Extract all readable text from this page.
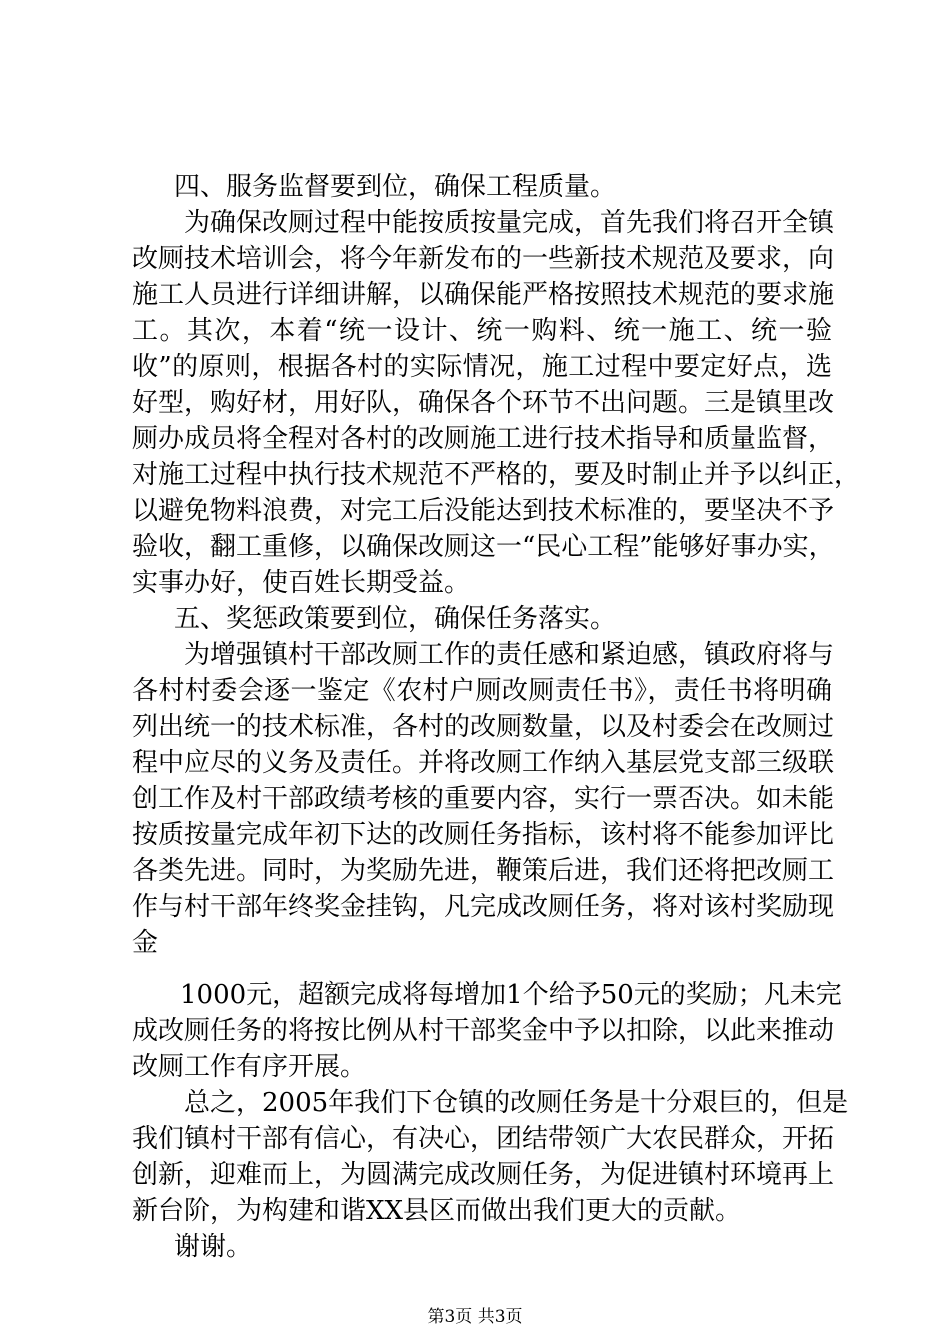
四、服务监督要到位，确保工程质量。
为确保改厕过程中能按质按量完成，首先我们将召开全镇
改厕技术培训会，将今年新发布的一些新技术规范及要求，向
施工人员进行详细讲解，以确保能严格按照技术规范的要求施
工。其次，本着“统一设计、统一购料、统一施工、统一验
收”的原则，根据各村的实际情况，施工过程中要定好点，选
好型，购好材，用好队，确保各个环节不出问题。三是镇里改
厕办成员将全程对各村的改厕施工进行技术指导和质量监督，
对施工过程中执行技术规范不严格的，要及时制止并予以纠正，
以避免物料浪费，对完工后没能达到技术标准的，要坚决不予
验收，翻工重修，以确保改厕这一“民心工程”能够好事办实，
实事办好，使百姓长期受益。
五、奖惩政策要到位，确保任务落实。
为增强镇村干部改厕工作的责任感和紧迫感，镇政府将与
各村村委会逐一鉴定《农村户厕改厕责任书》，责任书将明确
列出统一的技术标准，各村的改厕数量，以及村委会在改厕过
程中应尽的义务及责任。并将改厕工作纳入基层党支部三级联
创工作及村干部政绩考核的重要内容，实行一票否决。如未能
按质按量完成年初下达的改厕任务指标，该村将不能参加评比
各类先进。同时，为奖励先进，鞭策后进，我们还将把改厕工
作与村干部年终奖金挂钩，凡完成改厕任务，将对该村奖励现
金
1000元，超额完成将每增加1个给予50元的奖励；凡未完
成改厕任务的将按比例从村干部奖金中予以扣除，以此来推动
改厕工作有序开展。
总之，2005年我们下仓镇的改厕任务是十分艰巨的，但是
我们镇村干部有信心，有决心，团结带领广大农民群众，开拓
创新，迎难而上，为圆满完成改厕任务，为促进镇村环境再上
新台阶，为构建和谐XX县区而做出我们更大的贡献。
谢谢。
第3页 共3页
